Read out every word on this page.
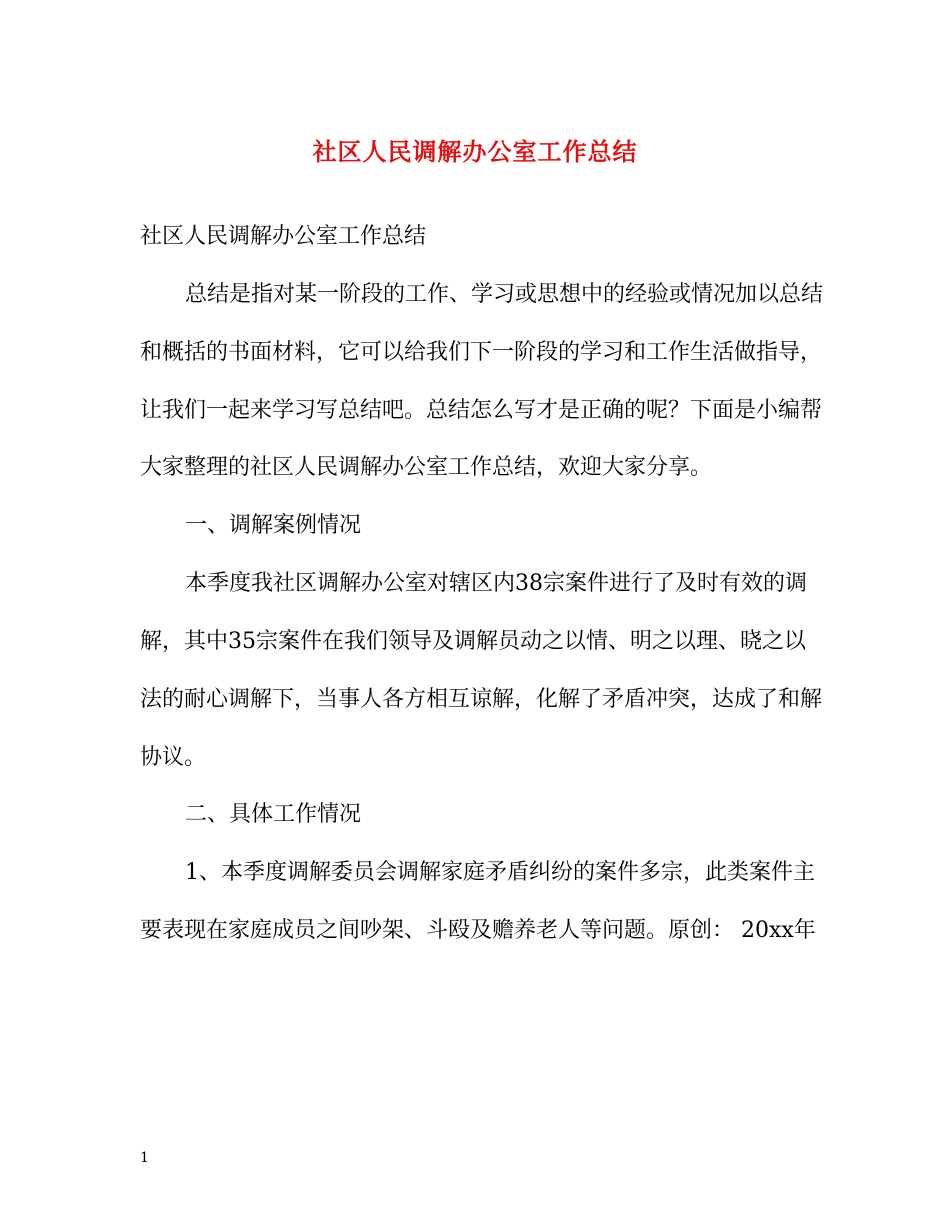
社区人民调解办公室工作总结

社区人民调解办公室工作总结

总结是指对某一阶段的工作、学习或思想中的经验或情况加以总结

和概括的书面材料，它可以给我们下一阶段的学习和工作生活做指导，

让我们一起来学习写总结吧。总结怎么写才是正确的呢？下面是小编帮

大家整理的社区人民调解办公室工作总结，欢迎大家分享。

一、调解案例情况

本季度我社区调解办公室对辖区内38宗案件进行了及时有效的调

解，其中35宗案件在我们领导及调解员动之以情、明之以理、晓之以

法的耐心调解下，当事人各方相互谅解，化解了矛盾冲突，达成了和解

协议。

二、具体工作情况

1、本季度调解委员会调解家庭矛盾纠纷的案件多宗，此类案件主

要表现在家庭成员之间吵架、斗殴及赡养老人等问题。原创： 20xx年

1
